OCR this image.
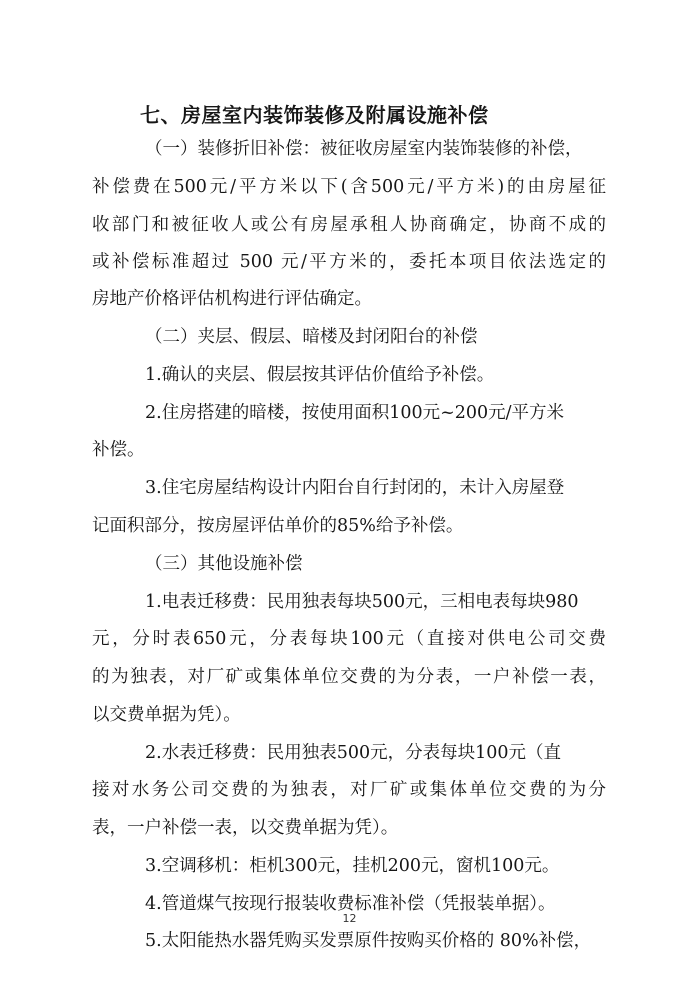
七、房屋室内装饰装修及附属设施补偿
（一）装修折旧补偿：被征收房屋室内装饰装修的补偿，
补偿费在500元/平方米以下(含500元/平方米)的由房屋征
收部门和被征收人或公有房屋承租人协商确定，协商不成的
或补偿标准超过 500 元/平方米的，委托本项目依法选定的
房地产价格评估机构进行评估确定。
（二）夹层、假层、暗楼及封闭阳台的补偿
1.确认的夹层、假层按其评估价值给予补偿。
2.住房搭建的暗楼，按使用面积100元~200元/平方米
补偿。
3.住宅房屋结构设计内阳台自行封闭的，未计入房屋登
记面积部分，按房屋评估单价的85%给予补偿。
（三）其他设施补偿
1.电表迁移费：民用独表每块500元，三相电表每块980
元，分时表650元，分表每块100元（直接对供电公司交费
的为独表，对厂矿或集体单位交费的为分表，一户补偿一表，
以交费单据为凭）。
2.水表迁移费：民用独表500元，分表每块100元（直
接对水务公司交费的为独表，对厂矿或集体单位交费的为分
表，一户补偿一表，以交费单据为凭）。
3.空调移机：柜机300元，挂机200元，窗机100元。
4.管道煤气按现行报装收费标准补偿（凭报装单据）。
5.太阳能热水器凭购买发票原件按购买价格的 80%补偿，
12
